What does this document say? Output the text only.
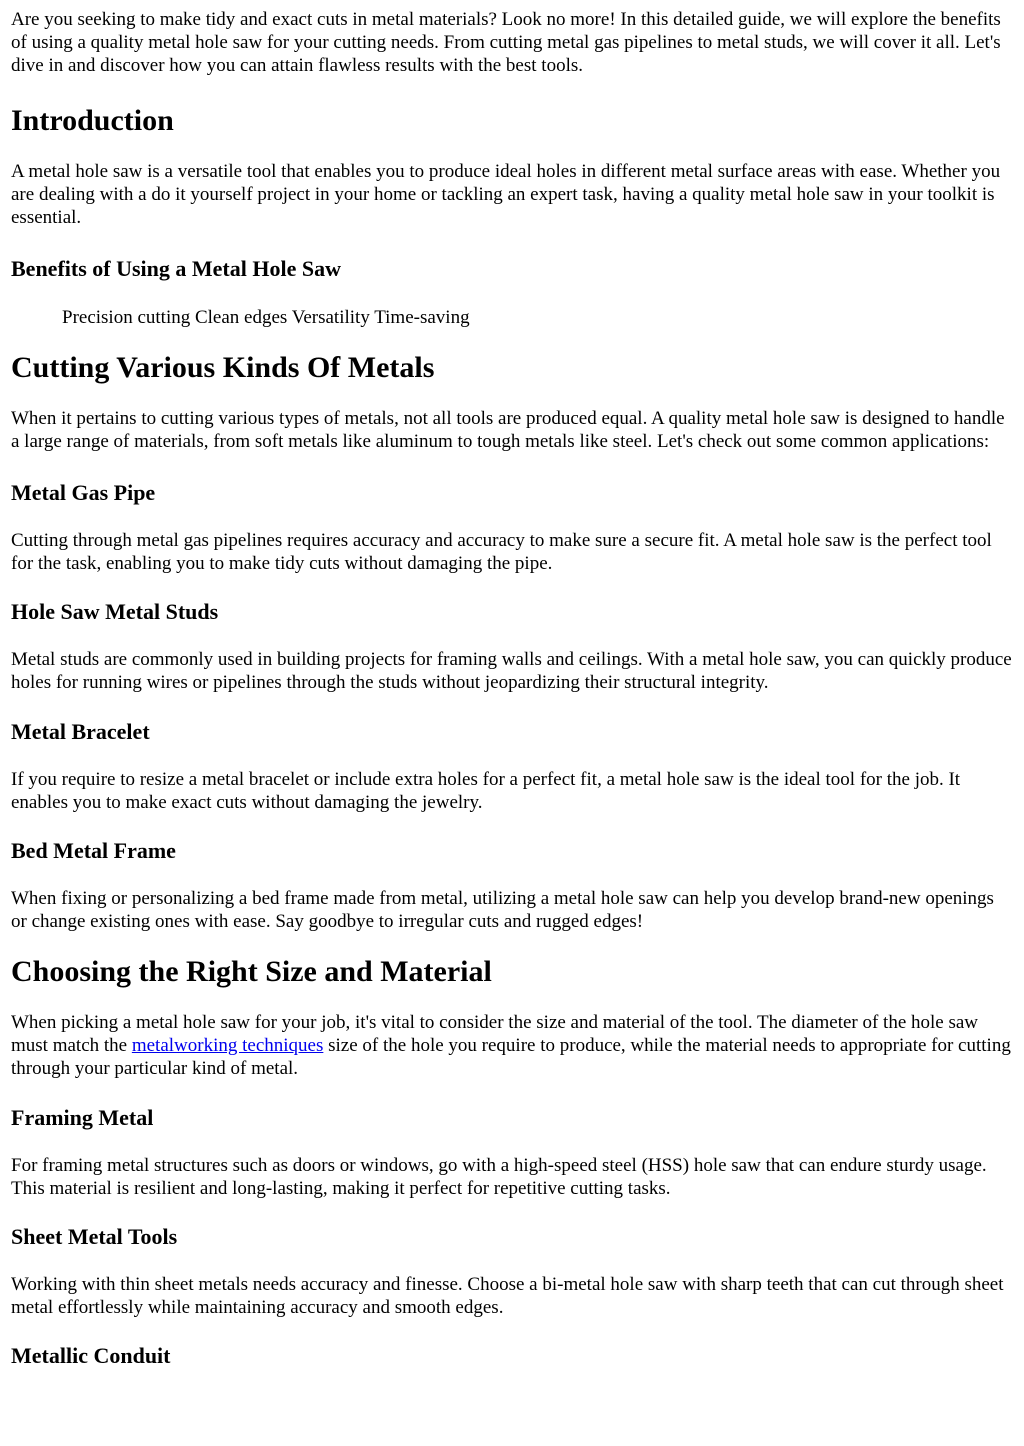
Are you seeking to make tidy and exact cuts in metal materials? Look no more! In this detailed guide, we will explore the benefits of using a quality metal hole saw for your cutting needs. From cutting metal gas pipelines to metal studs, we will cover it all. Let's dive in and discover how you can attain flawless results with the best tools.

Introduction

A metal hole saw is a versatile tool that enables you to produce ideal holes in different metal surface areas with ease. Whether you are dealing with a do it yourself project in your home or tackling an expert task, having a quality metal hole saw in your toolkit is essential.

Benefits of Using a Metal Hole Saw
Precision cutting Clean edges Versatility Time-saving
Cutting Various Kinds Of Metals

When it pertains to cutting various types of metals, not all tools are produced equal. A quality metal hole saw is designed to handle a large range of materials, from soft metals like aluminum to tough metals like steel. Let's check out some common applications:

Metal Gas Pipe

Cutting through metal gas pipelines requires accuracy and accuracy to make sure a secure fit. A metal hole saw is the perfect tool for the task, enabling you to make tidy cuts without damaging the pipe.

Hole Saw Metal Studs

Metal studs are commonly used in building projects for framing walls and ceilings. With a metal hole saw, you can quickly produce holes for running wires or pipelines through the studs without jeopardizing their structural integrity.

Metal Bracelet

If you require to resize a metal bracelet or include extra holes for a perfect fit, a metal hole saw is the ideal tool for the job. It enables you to make exact cuts without damaging the jewelry.

Bed Metal Frame

When fixing or personalizing a bed frame made from metal, utilizing a metal hole saw can help you develop brand-new openings or change existing ones with ease. Say goodbye to irregular cuts and rugged edges!

Choosing the Right Size and Material

When picking a metal hole saw for your job, it's vital to consider the size and material of the tool. The diameter of the hole saw must match the metalworking techniques size of the hole you require to produce, while the material needs to appropriate for cutting through your particular kind of metal.

Framing Metal

For framing metal structures such as doors or windows, go with a high-speed steel (HSS) hole saw that can endure sturdy usage. This material is resilient and long-lasting, making it perfect for repetitive cutting tasks.

Sheet Metal Tools

Working with thin sheet metals needs accuracy and finesse. Choose a bi-metal hole saw with sharp teeth that can cut through sheet metal effortlessly while maintaining accuracy and smooth edges.

Metallic Conduit
